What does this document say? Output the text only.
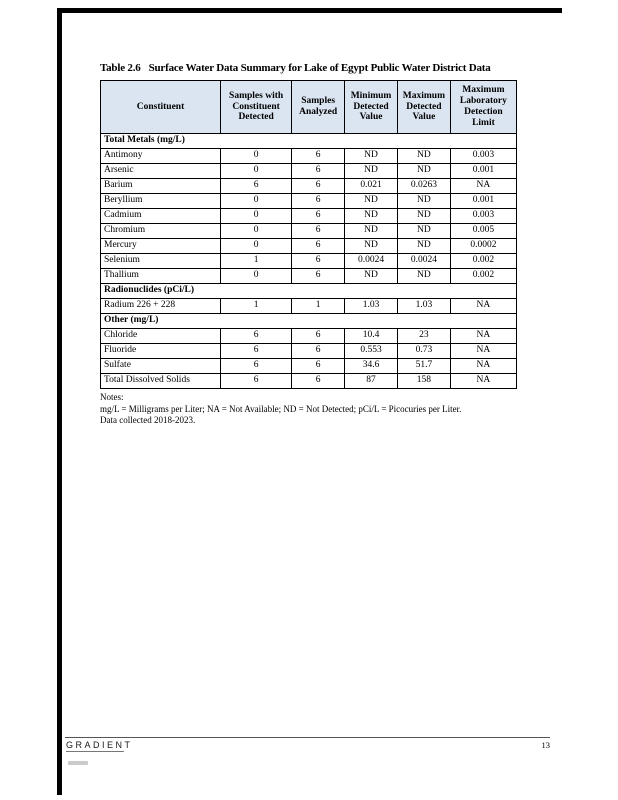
Table 2.6 Surface Water Data Summary for Lake of Egypt Public Water District Data
Constituent	Samples with Constituent Detected	Samples Analyzed	Minimum Detected Value	Maximum Detected Value	Maximum Laboratory Detection Limit
Total Metals (mg/L)					
Antimony	0	6	ND	ND	0.003
Arsenic	0	6	ND	ND	0.001
Barium	6	6	0.021	0.0263	NA
Beryllium	0	6	ND	ND	0.001
Cadmium	0	6	ND	ND	0.003
Chromium	0	6	ND	ND	0.005
Mercury	0	6	ND	ND	0.0002
Selenium	1	6	0.0024	0.0024	0.002
Thallium	0	6	ND	ND	0.002
Radionuclides (pCi/L)					
Radium 226 + 228	1	1	1.03	1.03	NA
Other (mg/L)					
Chloride	6	6	10.4	23	NA
Fluoride	6	6	0.553	0.73	NA
Sulfate	6	6	34.6	51.7	NA
Total Dissolved Solids	6	6	87	158	NA
Notes:
mg/L = Milligrams per Liter; NA = Not Available; ND = Not Detected; pCi/L = Picocuries per Liter.
Data collected 2018-2023.
GRADIENT	13
